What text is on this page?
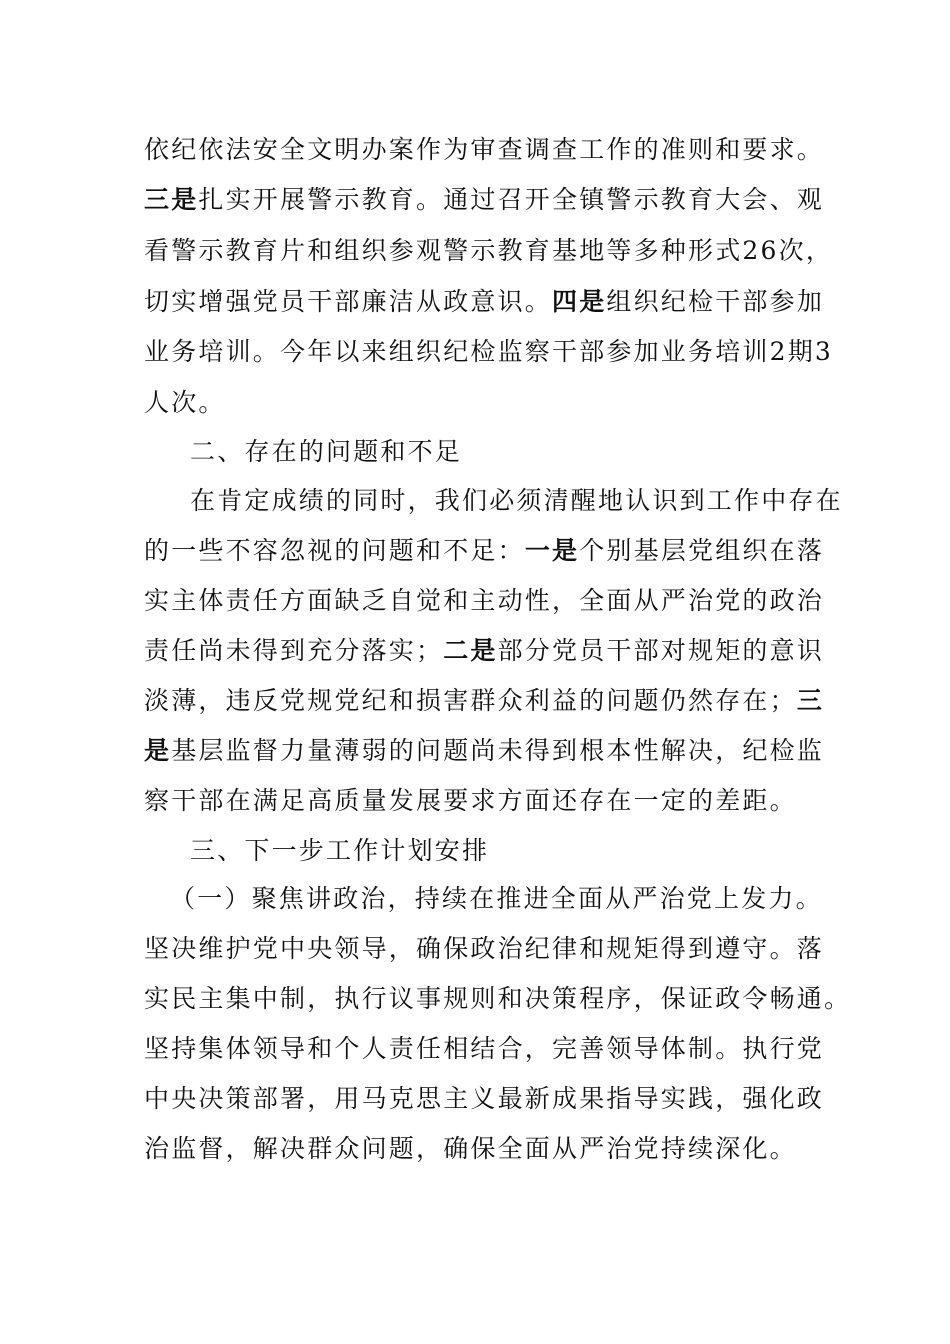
依纪依法安全文明办案作为审查调查工作的准则和要求。
三是扎实开展警示教育。通过召开全镇警示教育大会、观
看警示教育片和组织参观警示教育基地等多种形式26次，
切实增强党员干部廉洁从政意识。四是组织纪检干部参加
业务培训。今年以来组织纪检监察干部参加业务培训2期3
人次。
二、存在的问题和不足
在肯定成绩的同时，我们必须清醒地认识到工作中存在
的一些不容忽视的问题和不足：一是个别基层党组织在落
实主体责任方面缺乏自觉和主动性，全面从严治党的政治
责任尚未得到充分落实；二是部分党员干部对规矩的意识
淡薄，违反党规党纪和损害群众利益的问题仍然存在；三
是基层监督力量薄弱的问题尚未得到根本性解决，纪检监
察干部在满足高质量发展要求方面还存在一定的差距。
三、下一步工作计划安排
（一）聚焦讲政治，持续在推进全面从严治党上发力。
坚决维护党中央领导，确保政治纪律和规矩得到遵守。落
实民主集中制，执行议事规则和决策程序，保证政令畅通。
坚持集体领导和个人责任相结合，完善领导体制。执行党
中央决策部署，用马克思主义最新成果指导实践，强化政
治监督，解决群众问题，确保全面从严治党持续深化。
